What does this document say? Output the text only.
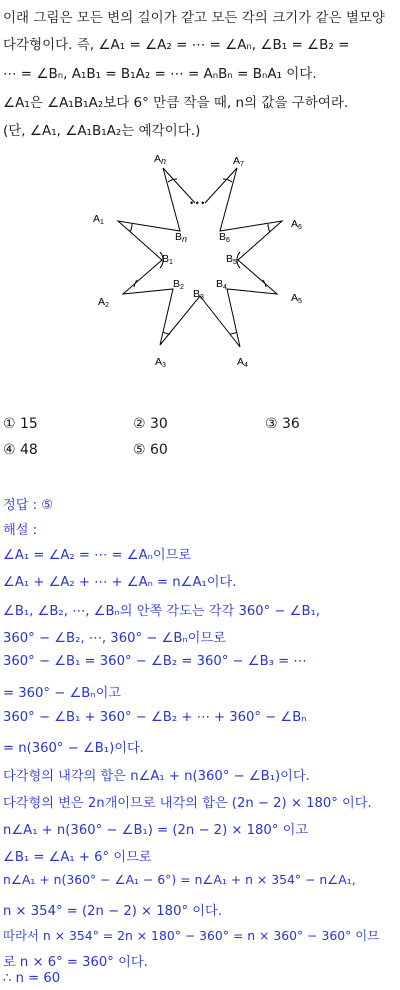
이래 그림은 모든 변의 길이가 같고 모든 각의 크기가 같은 별모양
다각형이다. 즉, ∠A₁ = ∠A₂ = ⋯ = ∠Aₙ, ∠B₁ = ∠B₂ =
⋯ = ∠Bₙ, A₁B₁ = B₁A₂ = ⋯ = AₙBₙ = BₙA₁ 이다.
∠A₁은 ∠A₁B₁A₂보다 6° 만큼 작을 때, n의 값을 구하여라.
(단, ∠A₁, ∠A₁B₁A₂는 예각이다.)
• • •
An	A7
A1	A6
A2
A5
A3	A4
Bn	B6
B1	B5
B2	B4
B3
① 15	② 30	③ 36
④ 48	⑤ 60
정답 : ⑤
해설 :
∠A₁ = ∠A₂ = ⋯ = ∠Aₙ이므로
∠A₁ + ∠A₂ + ⋯ + ∠Aₙ = n∠A₁이다.
∠B₁, ∠B₂, ⋯, ∠Bₙ의 안쪽 각도는 각각 360° − ∠B₁,
360° − ∠B₂, ⋯, 360° − ∠Bₙ이므로
360° − ∠B₁ = 360° − ∠B₂ = 360° − ∠B₃ = ⋯
= 360° − ∠Bₙ이고
360° − ∠B₁ + 360° − ∠B₂ + ⋯ + 360° − ∠Bₙ
= n(360° − ∠B₁)이다.
다각형의 내각의 합은 n∠A₁ + n(360° − ∠B₁)이다.
다각형의 변은 2n개이므로 내각의 합은 (2n − 2) × 180° 이다.
n∠A₁ + n(360° − ∠B₁) = (2n − 2) × 180° 이고
∠B₁ = ∠A₁ + 6° 이므로
n∠A₁ + n(360° − ∠A₁ − 6°) = n∠A₁ + n × 354° − n∠A₁,
n × 354° = (2n − 2) × 180° 이다.
따라서 n × 354° = 2n × 180° − 360° = n × 360° − 360° 이므
로 n × 6° = 360° 이다.
∴ n = 60
